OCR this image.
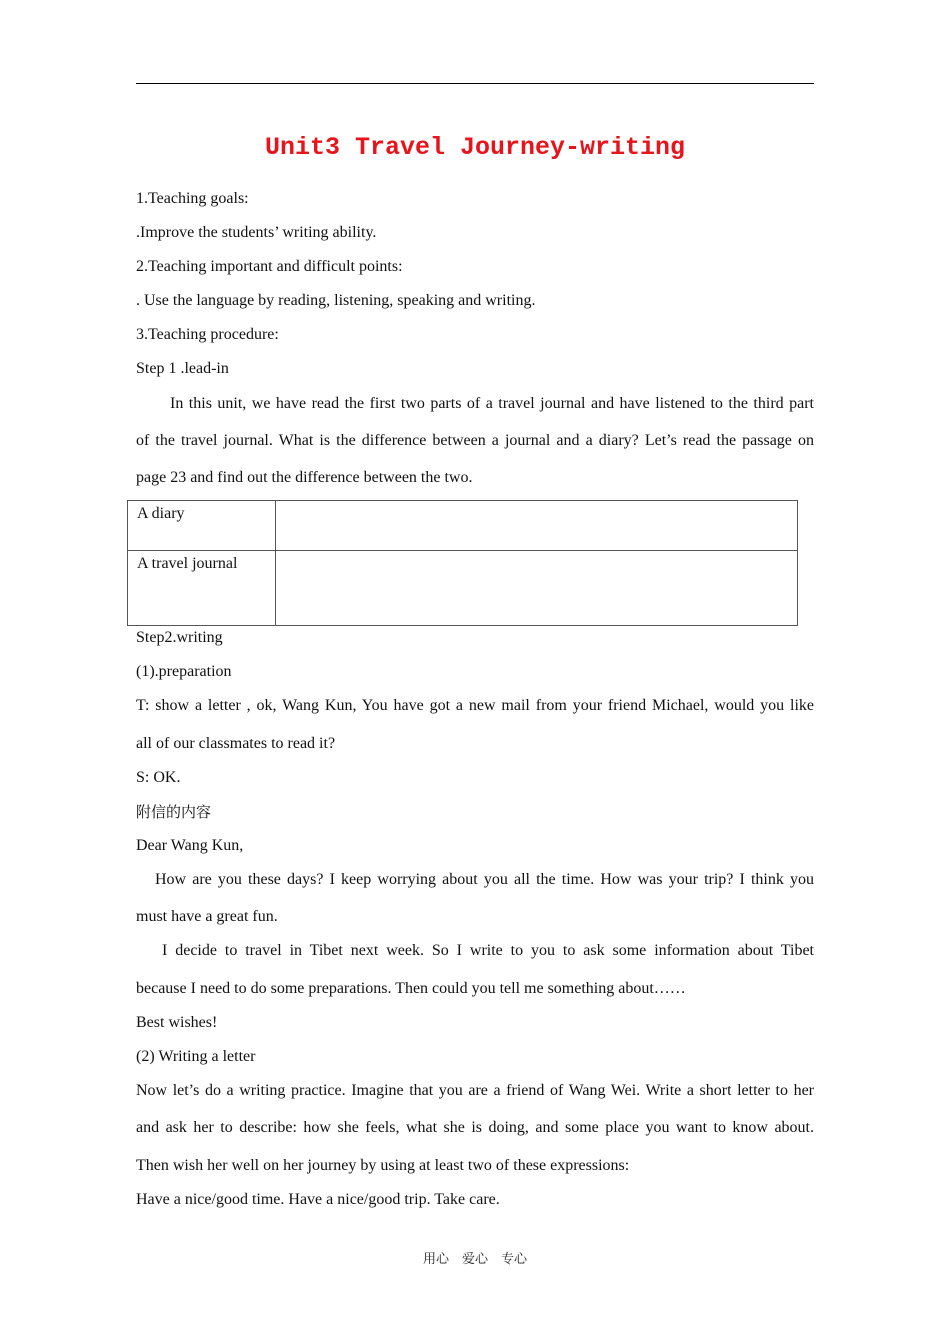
Unit3 Travel Journey-writing
1.Teaching goals:
.Improve the students’ writing ability.
2.Teaching important and difficult points:
. Use the language by reading, listening, speaking and writing.
3.Teaching procedure:
Step 1 .lead-in
In this unit, we have read the first two parts of a travel journal and have listened to the third part
of the travel journal. What is the difference between a journal and a diary? Let’s read the passage on
page 23 and find out the difference between the two.
A diary	
A travel journal	
Step2.writing
(1).preparation
T: show a letter , ok, Wang Kun, You have got a new mail from your friend Michael, would you like
all of our classmates to read it?
S: OK.
附信的内容
Dear Wang Kun,
How are you these days? I keep worrying about you all the time. How was your trip? I think you
must have a great fun.
I decide to travel in Tibet next week. So I write to you to ask some information about Tibet
because I need to do some preparations. Then could you tell me something about……
Best wishes!
(2) Writing a letter
Now let’s do a writing practice. Imagine that you are a friend of Wang Wei. Write a short letter to her
and ask her to describe: how she feels, what she is doing, and some place you want to know about.
Then wish her well on her journey by using at least two of these expressions:
Have a nice/good time. Have a nice/good trip. Take care.
用心　爱心　专心
